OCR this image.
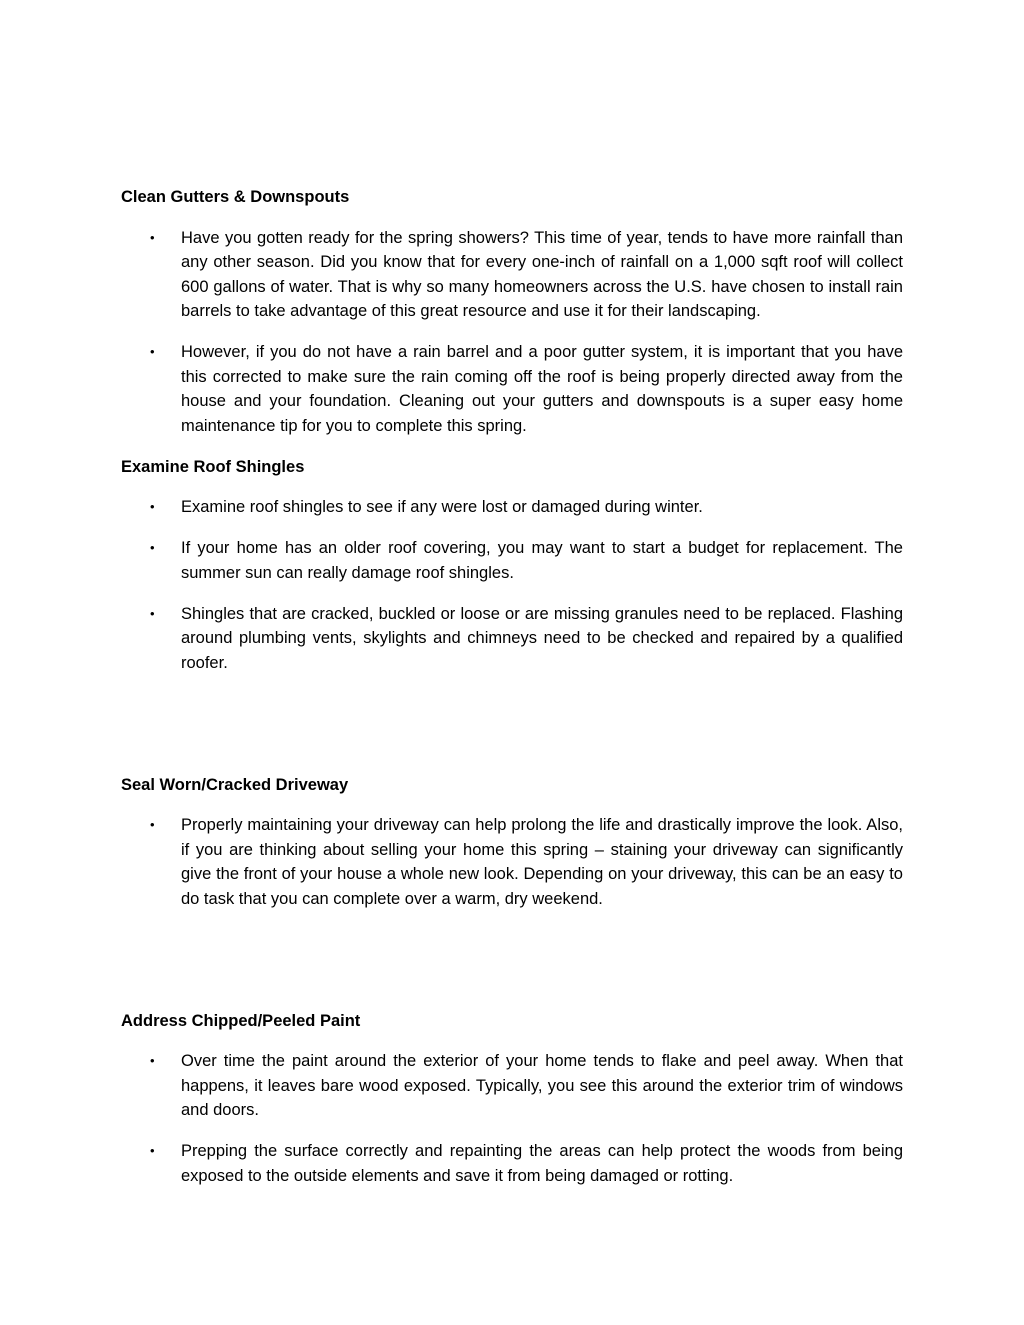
Clean Gutters & Downspouts

• Have you gotten ready for the spring showers? This time of year, tends to have more rainfall than any other season. Did you know that for every one-inch of rainfall on a 1,000 sqft roof will collect 600 gallons of water. That is why so many homeowners across the U.S. have chosen to install rain barrels to take advantage of this great resource and use it for their landscaping.
• However, if you do not have a rain barrel and a poor gutter system, it is important that you have this corrected to make sure the rain coming off the roof is being properly directed away from the house and your foundation. Cleaning out your gutters and downspouts is a super easy home maintenance tip for you to complete this spring.

Examine Roof Shingles

• Examine roof shingles to see if any were lost or damaged during winter.
• If your home has an older roof covering, you may want to start a budget for replacement. The summer sun can really damage roof shingles.
• Shingles that are cracked, buckled or loose or are missing granules need to be replaced. Flashing around plumbing vents, skylights and chimneys need to be checked and repaired by a qualified roofer.

Seal Worn/Cracked Driveway

• Properly maintaining your driveway can help prolong the life and drastically improve the look. Also, if you are thinking about selling your home this spring – staining your driveway can significantly give the front of your house a whole new look. Depending on your driveway, this can be an easy to do task that you can complete over a warm, dry weekend.

Address Chipped/Peeled Paint

• Over time the paint around the exterior of your home tends to flake and peel away. When that happens, it leaves bare wood exposed. Typically, you see this around the exterior trim of windows and doors.
• Prepping the surface correctly and repainting the areas can help protect the woods from being exposed to the outside elements and save it from being damaged or rotting.
